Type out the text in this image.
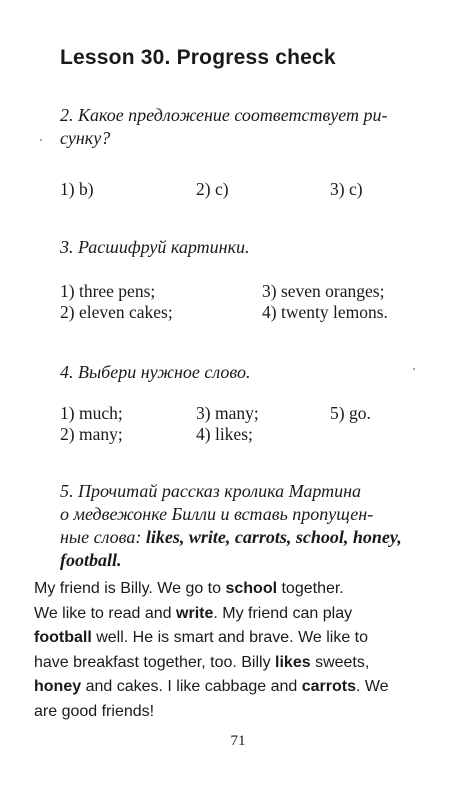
Lesson 30. Progress check
2. Какое предложение соответствует ри-
сунку?
1) b)	2) c)	3) c)
3. Расшифруй картинки.
1) three pens;
2) eleven cakes;
3) seven oranges;
4) twenty lemons.
4. Выбери нужное слово.
1) much;
2) many;
3) many;
4) likes;
5) go.
5. Прочитай рассказ кролика Мартина
о медвежонке Билли и вставь пропущен-
ные слова: likes, write, carrots, school, honey,
football.
My friend is Billy. We go to school together.
We like to read and write. My friend can play
football well. He is smart and brave. We like to
have breakfast together, too. Billy likes sweets,
honey and cakes. I like cabbage and carrots. We
are good friends!
71
